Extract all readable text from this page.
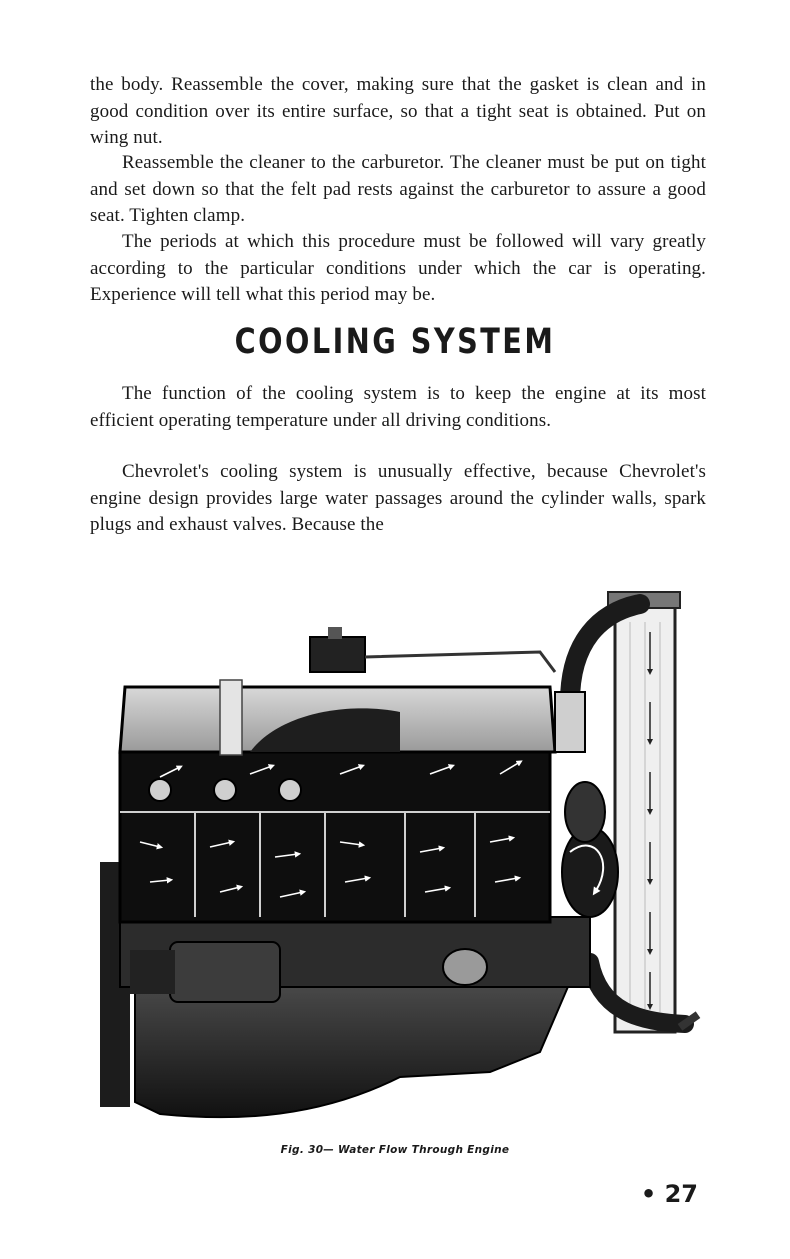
the body. Reassemble the cover, making sure that the gasket is clean and in good condition over its entire surface, so that a tight seat is obtained. Put on wing nut.

Reassemble the cleaner to the carburetor. The cleaner must be put on tight and set down so that the felt pad rests against the carburetor to assure a good seat. Tighten clamp.

The periods at which this procedure must be followed will vary greatly according to the particular conditions under which the car is operating. Experience will tell what this period may be.

COOLING SYSTEM

The function of the cooling system is to keep the engine at its most efficient operating temperature under all driving conditions.

Chevrolet's cooling system is unusually effective, because Chevrolet's engine design provides large water passages around the cylinder walls, spark plugs and exhaust valves. Because the

Fig. 30— Water Flow Through Engine

• 27
